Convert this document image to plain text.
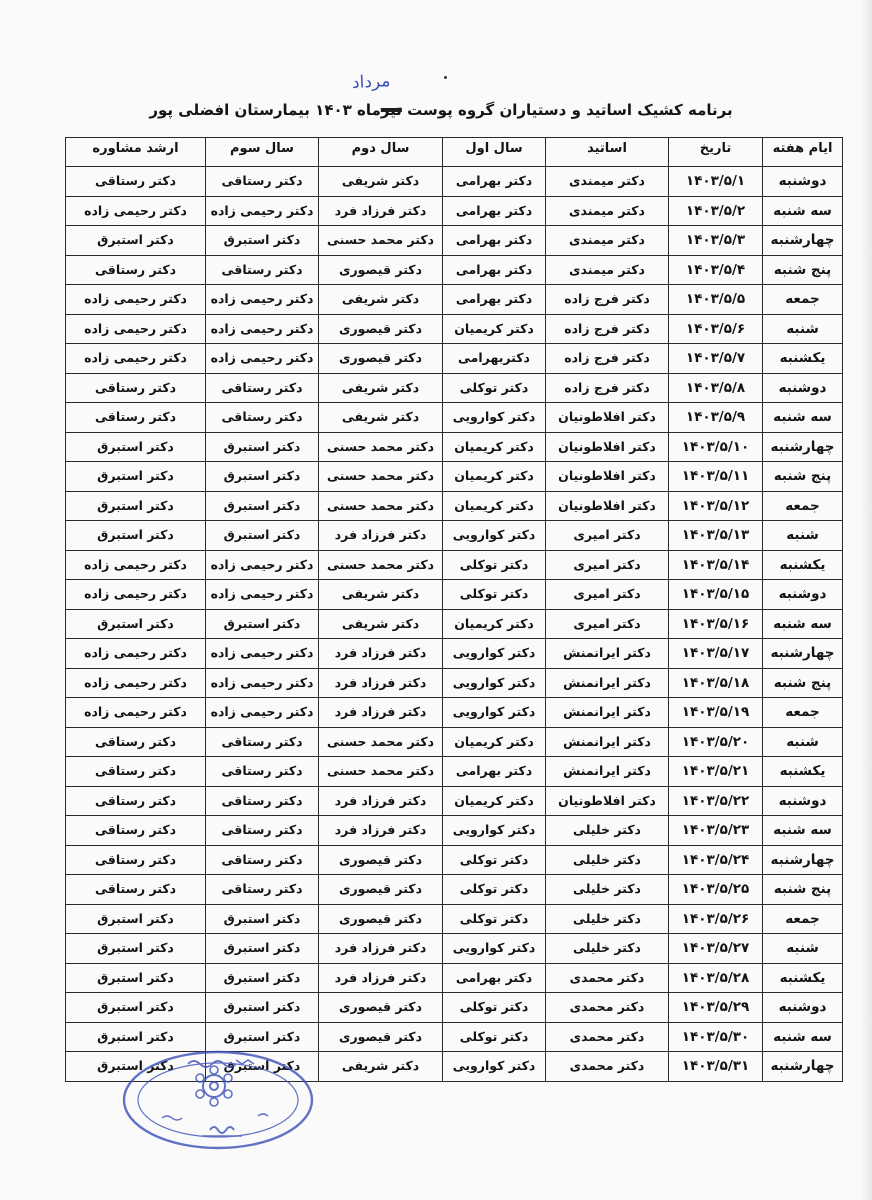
مرداد
برنامه کشیک اساتید و دستیاران گروه پوست تیرماه ۱۴۰۳ بیمارستان افضلی پور
ایام هفته	تاریخ	اساتید	سال اول	سال دوم	سال سوم	ارشد مشاوره
دوشنبه	۱۴۰۳/۵/۱	دکتر میمندی	دکتر بهرامی	دکتر شریفی	دکتر رستاقی	دکتر رستاقی
سه شنبه	۱۴۰۳/۵/۲	دکتر میمندی	دکتر بهرامی	دکتر فرزاد فرد	دکتر رحیمی زاده	دکتر رحیمی زاده
چهارشنبه	۱۴۰۳/۵/۳	دکتر میمندی	دکتر بهرامی	دکتر محمد حسنی	دکتر استبرق	دکتر استبرق
پنج شنبه	۱۴۰۳/۵/۴	دکتر میمندی	دکتر بهرامی	دکتر قیصوری	دکتر رستاقی	دکتر رستاقی
جمعه	۱۴۰۳/۵/۵	دکتر فرج زاده	دکتر بهرامی	دکتر شریفی	دکتر رحیمی زاده	دکتر رحیمی زاده
شنبه	۱۴۰۳/۵/۶	دکتر فرج زاده	دکتر کریمیان	دکتر قیصوری	دکتر رحیمی زاده	دکتر رحیمی زاده
یکشنبه	۱۴۰۳/۵/۷	دکتر فرج زاده	دکتربهرامی	دکتر قیصوری	دکتر رحیمی زاده	دکتر رحیمی زاده
دوشنبه	۱۴۰۳/۵/۸	دکتر فرج زاده	دکتر توکلی	دکتر شریفی	دکتر رستاقی	دکتر رستاقی
سه شنبه	۱۴۰۳/۵/۹	دکتر افلاطونیان	دکتر کوارویی	دکتر شریفی	دکتر رستاقی	دکتر رستاقی
چهارشنبه	۱۴۰۳/۵/۱۰	دکتر افلاطونیان	دکتر کریمیان	دکتر محمد حسنی	دکتر استبرق	دکتر استبرق
پنج شنبه	۱۴۰۳/۵/۱۱	دکتر افلاطونیان	دکتر کریمیان	دکتر محمد حسنی	دکتر استبرق	دکتر استبرق
جمعه	۱۴۰۳/۵/۱۲	دکتر افلاطونیان	دکتر کریمیان	دکتر محمد حسنی	دکتر استبرق	دکتر استبرق
شنبه	۱۴۰۳/۵/۱۳	دکتر امیری	دکتر کوارویی	دکتر فرزاد فرد	دکتر استبرق	دکتر استبرق
یکشنبه	۱۴۰۳/۵/۱۴	دکتر امیری	دکتر توکلی	دکتر محمد حسنی	دکتر رحیمی زاده	دکتر رحیمی زاده
دوشنبه	۱۴۰۳/۵/۱۵	دکتر امیری	دکتر توکلی	دکتر شریفی	دکتر رحیمی زاده	دکتر رحیمی زاده
سه شنبه	۱۴۰۳/۵/۱۶	دکتر امیری	دکتر کریمیان	دکتر شریفی	دکتر استبرق	دکتر استبرق
چهارشنبه	۱۴۰۳/۵/۱۷	دکتر ایرانمنش	دکتر کوارویی	دکتر فرزاد فرد	دکتر رحیمی زاده	دکتر رحیمی زاده
پنج شنبه	۱۴۰۳/۵/۱۸	دکتر ایرانمنش	دکتر کوارویی	دکتر فرزاد فرد	دکتر رحیمی زاده	دکتر رحیمی زاده
جمعه	۱۴۰۳/۵/۱۹	دکتر ایرانمنش	دکتر کوارویی	دکتر فرزاد فرد	دکتر رحیمی زاده	دکتر رحیمی زاده
شنبه	۱۴۰۳/۵/۲۰	دکتر ایرانمنش	دکتر کریمیان	دکتر محمد حسنی	دکتر رستاقی	دکتر رستاقی
یکشنبه	۱۴۰۳/۵/۲۱	دکتر ایرانمنش	دکتر بهرامی	دکتر محمد حسنی	دکتر رستاقی	دکتر رستاقی
دوشنبه	۱۴۰۳/۵/۲۲	دکتر افلاطونیان	دکتر کریمیان	دکتر فرزاد فرد	دکتر رستاقی	دکتر رستاقی
سه شنبه	۱۴۰۳/۵/۲۳	دکتر خلیلی	دکتر کوارویی	دکتر فرزاد فرد	دکتر رستاقی	دکتر رستاقی
چهارشنبه	۱۴۰۳/۵/۲۴	دکتر خلیلی	دکتر توکلی	دکتر قیصوری	دکتر رستاقی	دکتر رستاقی
پنج شنبه	۱۴۰۳/۵/۲۵	دکتر خلیلی	دکتر توکلی	دکتر قیصوری	دکتر رستاقی	دکتر رستاقی
جمعه	۱۴۰۳/۵/۲۶	دکتر خلیلی	دکتر توکلی	دکتر قیصوری	دکتر استبرق	دکتر استبرق
شنبه	۱۴۰۳/۵/۲۷	دکتر خلیلی	دکتر کوارویی	دکتر فرزاد فرد	دکتر استبرق	دکتر استبرق
یکشنبه	۱۴۰۳/۵/۲۸	دکتر محمدی	دکتر بهرامی	دکتر فرزاد فرد	دکتر استبرق	دکتر استبرق
دوشنبه	۱۴۰۳/۵/۲۹	دکتر محمدی	دکتر توکلی	دکتر قیصوری	دکتر استبرق	دکتر استبرق
سه شنبه	۱۴۰۳/۵/۳۰	دکتر محمدی	دکتر توکلی	دکتر قیصوری	دکتر استبرق	دکتر استبرق
چهارشنبه	۱۴۰۳/۵/۳۱	دکتر محمدی	دکتر کوارویی	دکتر شریفی	دکتر استبرق	دکتر استبرق
